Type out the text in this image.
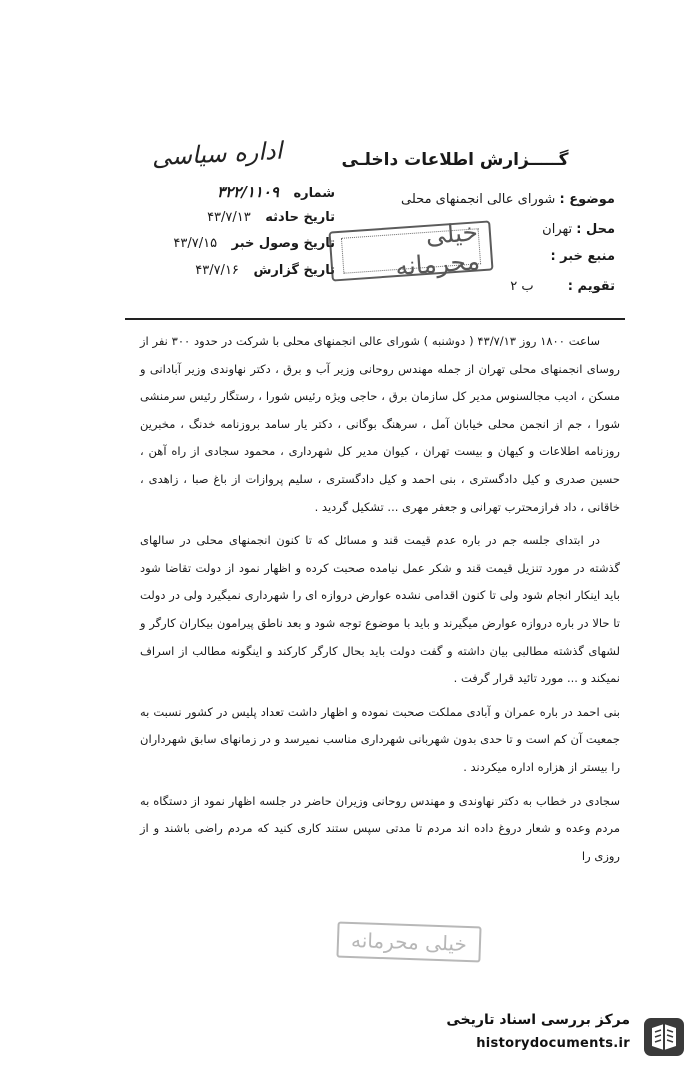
گـــــزارش اطلاعات داخلـی
اداره سیاسی
موضوع : شورای عالی انجمنهای محلی
محل : تهران
منبع خبر :
تقویم : ب ۲
شماره ۳۲۲/۱۱۰۹
تاریخ حادثه ۴۳/۷/۱۳
تاریخ وصول خبر ۴۳/۷/۱۵
تاریخ گزارش ۴۳/۷/۱۶
خیلی محرمانه

ساعت ۱۸۰۰ روز ۴۳/۷/۱۳ ( دوشنبه ) شورای عالی انجمنهای محلی با شرکت در حدود ۳۰۰ نفر از روسای انجمنهای محلی تهران از جمله مهندس روحانی وزیر آب و برق ، دکتر نهاوندی وزیر آبادانی و مسکن ، ادیب مجالسنوس مدیر کل سازمان برق ، حاجی ویژه رئیس شورا ، رستگار رئیس سرمنشی شورا ، جم از انجمن محلی خیابان آمل ، سرهنگ بوگانی ، دکتر یار سامد بروزنامه خدنگ ، مخبرین روزنامه اطلاعات و کیهان و بیست تهران ، کیوان مدیر کل شهرداری ، محمود سجادی از راه آهن ، حسین صدری و کیل دادگستری ، بنی احمد و کیل دادگستری ، سلیم پروازات از باغ صبا ، زاهدی ، خاقانی ، داد فرازمحترب تهرانی و جعفر مهری ... تشکیل گردید .

در ابتدای جلسه جم در باره عدم قیمت قند و مسائل که تا کنون انجمنهای محلی در سالهای گذشته در مورد تنزیل قیمت قند و شکر عمل نیامده صحبت کرده و اظهار نمود از دولت تقاضا شود باید اینکار انجام شود ولی تا کنون اقدامی نشده عوارض دروازه ای را شهرداری نمیگیرد ولی در دولت تا حالا در باره دروازه عوارض میگیرند و باید با موضوع توجه شود و بعد ناطق پیرامون بیکاران کارگر و لشهای گذشته مطالبی بیان داشته و گفت دولت باید بحال کارگر کارکند و اینگونه مطالب از اسراف نمیکند و ... مورد تائید قرار گرفت .

بنی احمد در باره عمران و آبادی مملکت صحبت نموده و اظهار داشت تعداد پلیس در کشور نسبت به جمعیت آن کم است و تا حدی بدون شهربانی شهرداری مناسب نمیرسد و در زمانهای سابق شهرداران را بیستر از هزاره اداره میکردند .

سجادی در خطاب به دکتر نهاوندی و مهندس روحانی وزیران حاضر در جلسه اظهار نمود از دستگاه به مردم وعده و شعار دروغ داده اند مردم تا مدتی سپس ستند کاری کنید که مردم راضی باشند و از روزی را

خیلی محرمانه
مرکز بررسی اسناد تاریخی
historydocuments.ir
